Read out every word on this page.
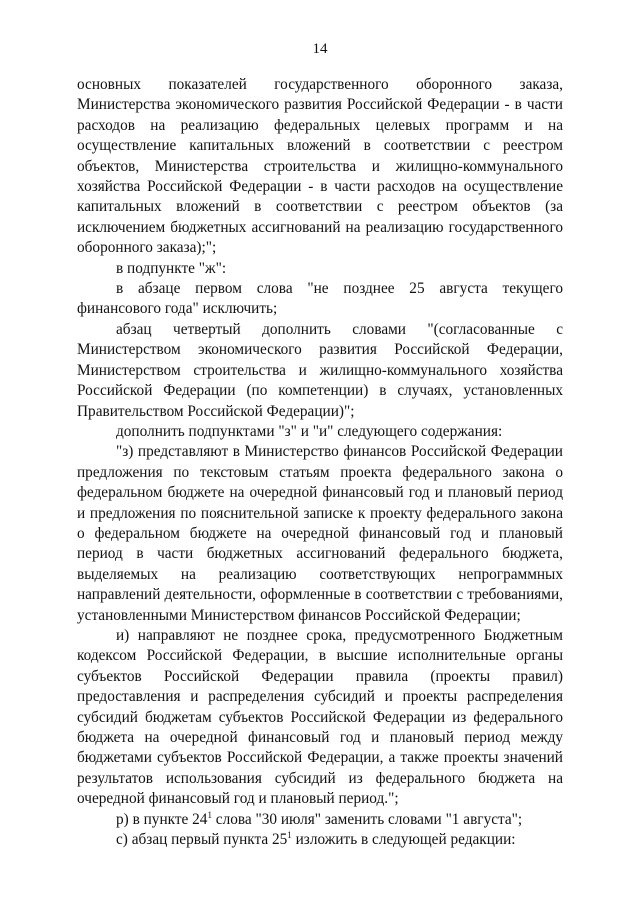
14

основных показателей государственного оборонного заказа, Министерства экономического развития Российской Федерации - в части расходов на реализацию федеральных целевых программ и на осуществление капитальных вложений в соответствии с реестром объектов, Министерства строительства и жилищно-коммунального хозяйства Российской Федерации - в части расходов на осуществление капитальных вложений в соответствии с реестром объектов (за исключением бюджетных ассигнований на реализацию государственного оборонного заказа);";

в подпункте "ж":

в абзаце первом слова "не позднее 25 августа текущего финансового года" исключить;

абзац четвертый дополнить словами "(согласованные с Министерством экономического развития Российской Федерации, Министерством строительства и жилищно-коммунального хозяйства Российской Федерации (по компетенции) в случаях, установленных Правительством Российской Федерации)";

дополнить подпунктами "з" и "и" следующего содержания:

"з) представляют в Министерство финансов Российской Федерации предложения по текстовым статьям проекта федерального закона о федеральном бюджете на очередной финансовый год и плановый период и предложения по пояснительной записке к проекту федерального закона о федеральном бюджете на очередной финансовый год и плановый период в части бюджетных ассигнований федерального бюджета, выделяемых на реализацию соответствующих непрограммных направлений деятельности, оформленные в соответствии с требованиями, установленными Министерством финансов Российской Федерации;

и) направляют не позднее срока, предусмотренного Бюджетным кодексом Российской Федерации, в высшие исполнительные органы субъектов Российской Федерации правила (проекты правил) предоставления и распределения субсидий и проекты распределения субсидий бюджетам субъектов Российской Федерации из федерального бюджета на очередной финансовый год и плановый период между бюджетами субъектов Российской Федерации, а также проекты значений результатов использования субсидий из федерального бюджета на очередной финансовый год и плановый период.";

р) в пункте $24^1$ слова "30 июля" заменить словами "1 августа";

с) абзац первый пункта $25^1$ изложить в следующей редакции:
